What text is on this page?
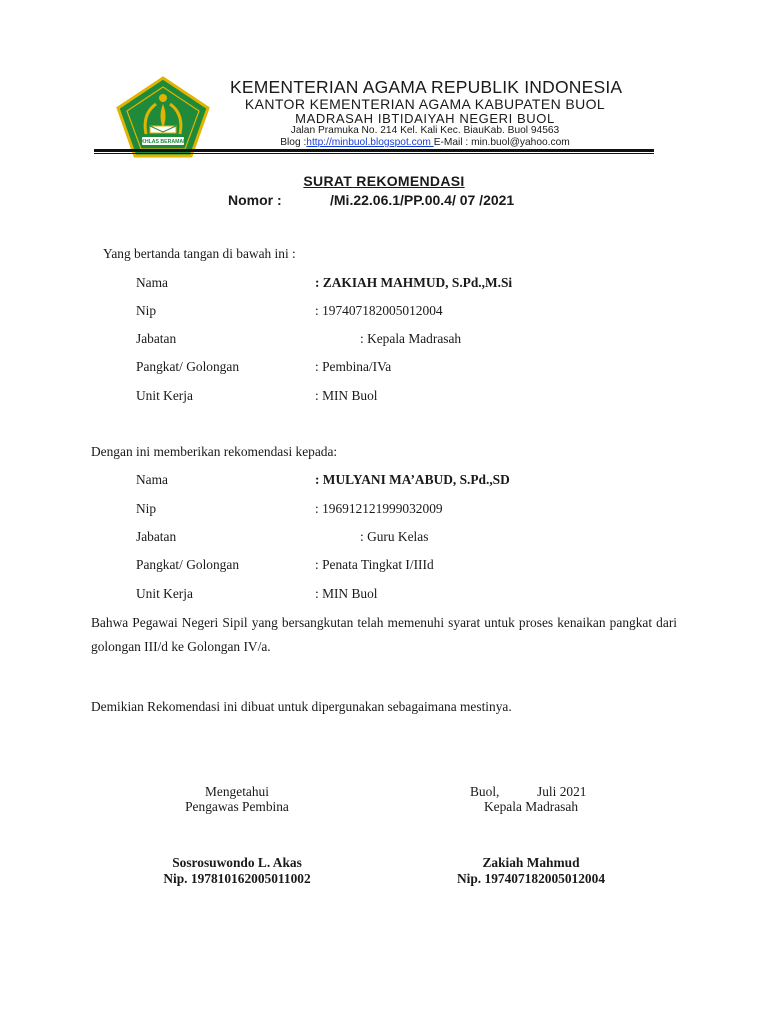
IKHLAS BERAMAL
KEMENTERIAN AGAMA REPUBLIK INDONESIA
KANTOR KEMENTERIAN AGAMA KABUPATEN BUOL
MADRASAH IBTIDAIYAH NEGERI BUOL
Jalan Pramuka No. 214 Kel. Kali Kec. BiauKab. Buol 94563
Blog :http://minbuol.blogspot.com E-Mail : min.buol@yahoo.com
SURAT REKOMENDASI
Nomor :	/Mi.22.06.1/PP.00.4/ 07 /2021
Yang bertanda tangan di bawah ini :
Nama	: ZAKIAH MAHMUD, S.Pd.,M.Si
Nip	: 197407182005012004
Jabatan	: Kepala Madrasah
Pangkat/ Golongan	: Pembina/IVa
Unit Kerja	: MIN Buol
Dengan ini memberikan rekomendasi kepada:
Nama	: MULYANI MA’ABUD, S.Pd.,SD
Nip	: 196912121999032009
Jabatan	: Guru Kelas
Pangkat/ Golongan	: Penata Tingkat I/IIId
Unit Kerja	: MIN Buol
Bahwa Pegawai Negeri Sipil yang bersangkutan telah memenuhi syarat untuk proses kenaikan pangkat dari golongan III/d ke Golongan IV/a.
Demikian Rekomendasi ini dibuat untuk dipergunakan sebagaimana mestinya.
Mengetahui
Pengawas Pembina
Sosrosuwondo L. Akas
Nip. 197810162005011002
Buol,	Juli 2021
Kepala Madrasah
Zakiah Mahmud
Nip. 197407182005012004
